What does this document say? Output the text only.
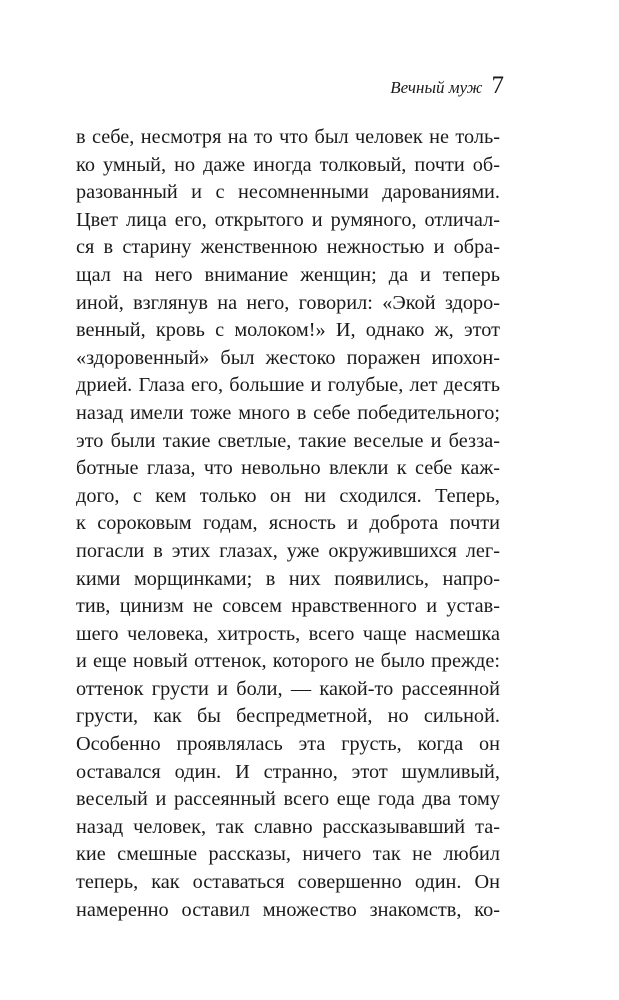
Вечный муж 7
в себе, несмотря на то что был человек не толь-
ко умный, но даже иногда толковый, почти об-
разованный и с несомненными дарованиями.
Цвет лица его, открытого и румяного, отличал-
ся в старину женственною нежностью и обра-
щал на него внимание женщин; да и теперь
иной, взглянув на него, говорил: «Экой здоро-
венный, кровь с молоком!» И, однако ж, этот
«здоровенный» был жестоко поражен ипохон-
дрией. Глаза его, большие и голубые, лет десять
назад имели тоже много в себе победительного;
это были такие светлые, такие веселые и безза-
ботные глаза, что невольно влекли к себе каж-
дого, с кем только он ни сходился. Теперь,
к сороковым годам, ясность и доброта почти
погасли в этих глазах, уже окружившихся лег-
кими морщинками; в них появились, напро-
тив, цинизм не совсем нравственного и устав-
шего человека, хитрость, всего чаще насмешка
и еще новый оттенок, которого не было прежде:
оттенок грусти и боли, — какой-то рассеянной
грусти, как бы беспредметной, но сильной.
Особенно проявлялась эта грусть, когда он
оставался один. И странно, этот шумливый,
веселый и рассеянный всего еще года два тому
назад человек, так славно рассказывавший та-
кие смешные рассказы, ничего так не любил
теперь, как оставаться совершенно один. Он
намеренно оставил множество знакомств, ко-
